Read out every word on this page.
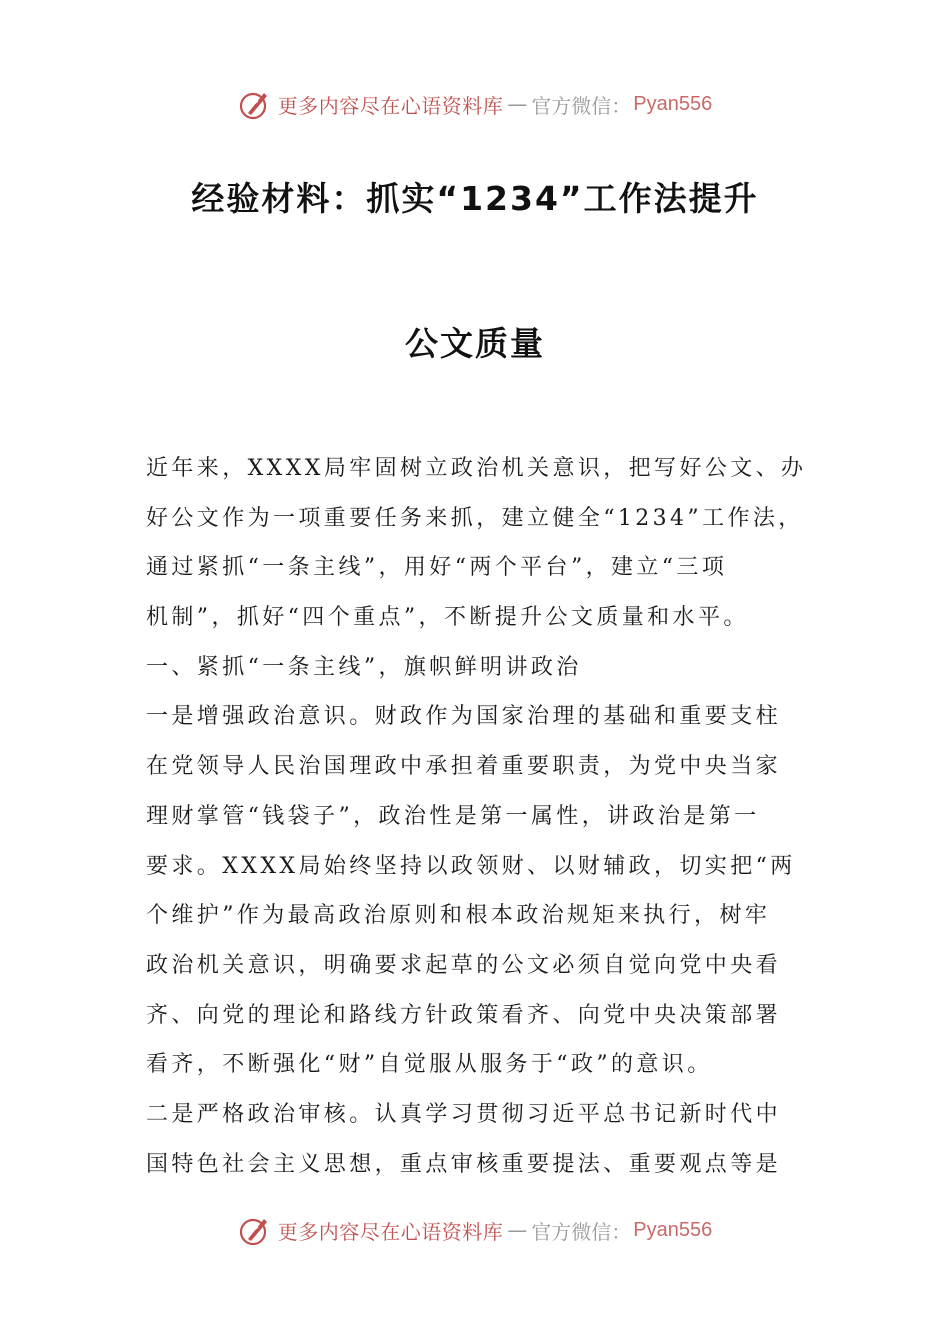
更多内容尽在心语资料库 — 官方微信： Pyan556
经验材料：抓实“1234”工作法提升
公文质量
近年来，XXXX局牢固树立政治机关意识，把写好公文、办
好公文作为一项重要任务来抓，建立健全“1234”工作法，
通过紧抓“一条主线”，用好“两个平台”，建立“三项
机制”，抓好“四个重点”，不断提升公文质量和水平。
一、紧抓“一条主线”，旗帜鲜明讲政治
一是增强政治意识。财政作为国家治理的基础和重要支柱
在党领导人民治国理政中承担着重要职责，为党中央当家
理财掌管“钱袋子”，政治性是第一属性，讲政治是第一
要求。XXXX局始终坚持以政领财、以财辅政，切实把“两
个维护”作为最高政治原则和根本政治规矩来执行，树牢
政治机关意识，明确要求起草的公文必须自觉向党中央看
齐、向党的理论和路线方针政策看齐、向党中央决策部署
看齐，不断强化“财”自觉服从服务于“政”的意识。
二是严格政治审核。认真学习贯彻习近平总书记新时代中
国特色社会主义思想，重点审核重要提法、重要观点等是
更多内容尽在心语资料库 — 官方微信： Pyan556
